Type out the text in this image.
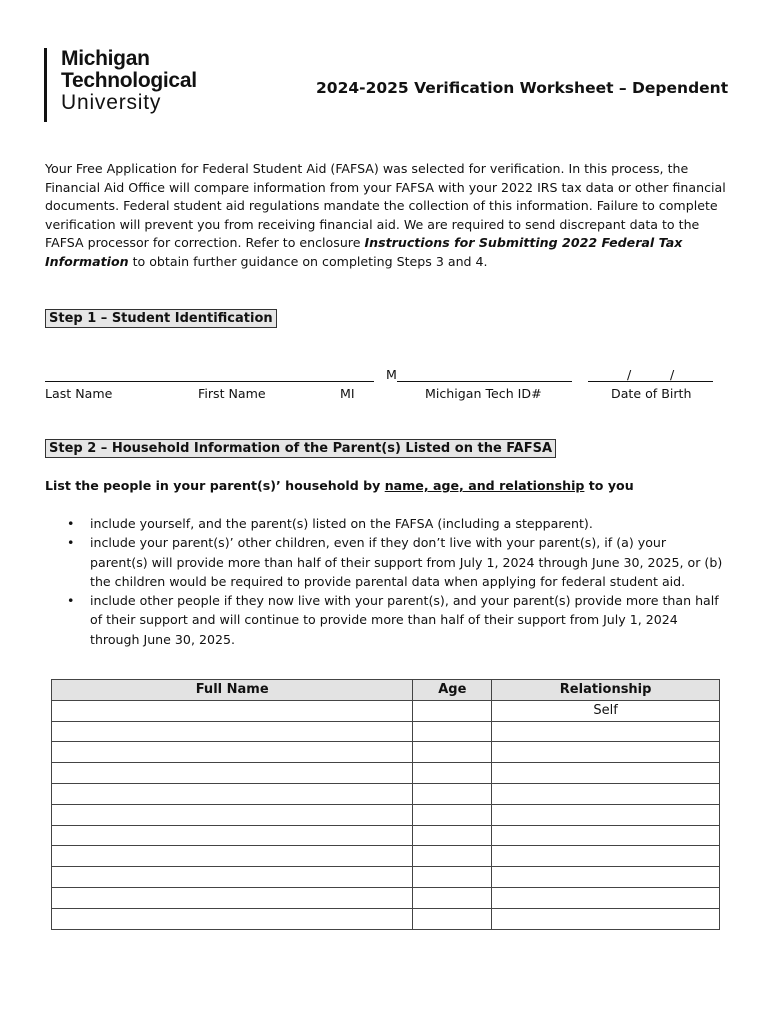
Michigan
Technological
University
2024-2025 Verification Worksheet – Dependent

Your Free Application for Federal Student Aid (FAFSA) was selected for verification. In this process, the Financial Aid Office will compare information from your FAFSA with your 2022 IRS tax data or other financial documents. Federal student aid regulations mandate the collection of this information. Failure to complete verification will prevent you from receiving financial aid. We are required to send discrepant data to the FAFSA processor for correction. Refer to enclosure Instructions for Submitting 2022 Federal Tax Information to obtain further guidance on completing Steps 3 and 4.

Step 1 – Student Identification
M	/	/
Last Name	First Name	MI	Michigan Tech ID#	Date of Birth
Step 2 – Household Information of the Parent(s) Listed on the FAFSA
List the people in your parent(s)’ household by name, age, and relationship to you
• include yourself, and the parent(s) listed on the FAFSA (including a stepparent).
• include your parent(s)’ other children, even if they don’t live with your parent(s), if (a) your parent(s) will provide more than half of their support from July 1, 2024 through June 30, 2025, or (b) the children would be required to provide parental data when applying for federal student aid.
• include other people if they now live with your parent(s), and your parent(s) provide more than half of their support and will continue to provide more than half of their support from July 1, 2024 through June 30, 2025.
Full Name	Age	Relationship
		Self
